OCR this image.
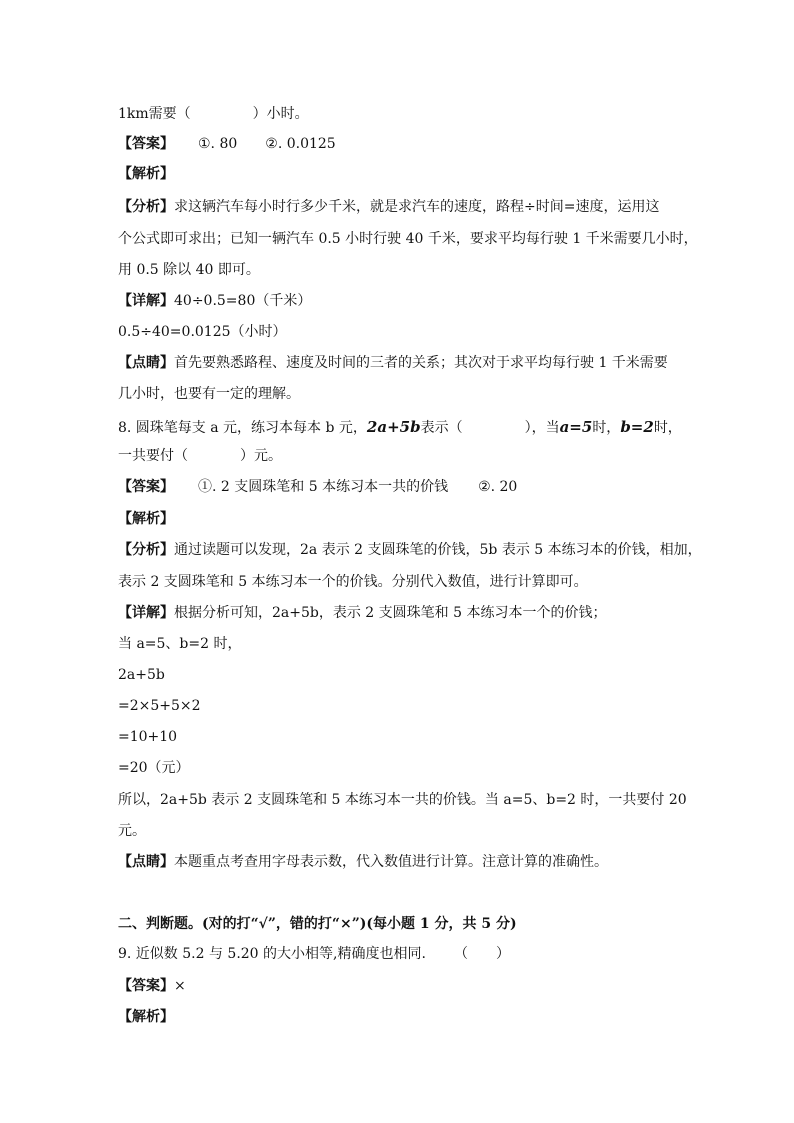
1km需要（	）小时。
【答案】 ①. 80 ②. 0.0125
【解析】
【分析】求这辆汽车每小时行多少千米，就是求汽车的速度，路程÷时间=速度，运用这
个公式即可求出；已知一辆汽车 0.5 小时行驶 40 千米，要求平均每行驶 1 千米需要几小时，
用 0.5 除以 40 即可。
【详解】40÷0.5=80（千米）
0.5÷40=0.0125（小时）
【点睛】首先要熟悉路程、速度及时间的三者的关系；其次对于求平均每行驶 1 千米需要
几小时，也要有一定的理解。
8. 圆珠笔每支 a 元，练习本每本 b 元，2a+5b表示（	），当a=5时，b=2时，
一共要付（	）元。
【答案】 ①. 2 支圆珠笔和 5 本练习本一共的价钱 ②. 20
【解析】
【分析】通过读题可以发现，2a 表示 2 支圆珠笔的价钱，5b 表示 5 本练习本的价钱，相加，
表示 2 支圆珠笔和 5 本练习本一个的价钱。分别代入数值，进行计算即可。
【详解】根据分析可知，2a+5b，表示 2 支圆珠笔和 5 本练习本一个的价钱；
当 a=5、b=2 时，
2a+5b
=2×5+5×2
=10+10
=20（元）
所以，2a+5b 表示 2 支圆珠笔和 5 本练习本一共的价钱。当 a=5、b=2 时，一共要付 20
元。
【点睛】本题重点考查用字母表示数，代入数值进行计算。注意计算的准确性。
二、判断题。(对的打“√”，错的打“×”)(每小题 1 分，共 5 分)
9. 近似数 5.2 与 5.20 的大小相等,精确度也相同. （　　）
【答案】×
【解析】
